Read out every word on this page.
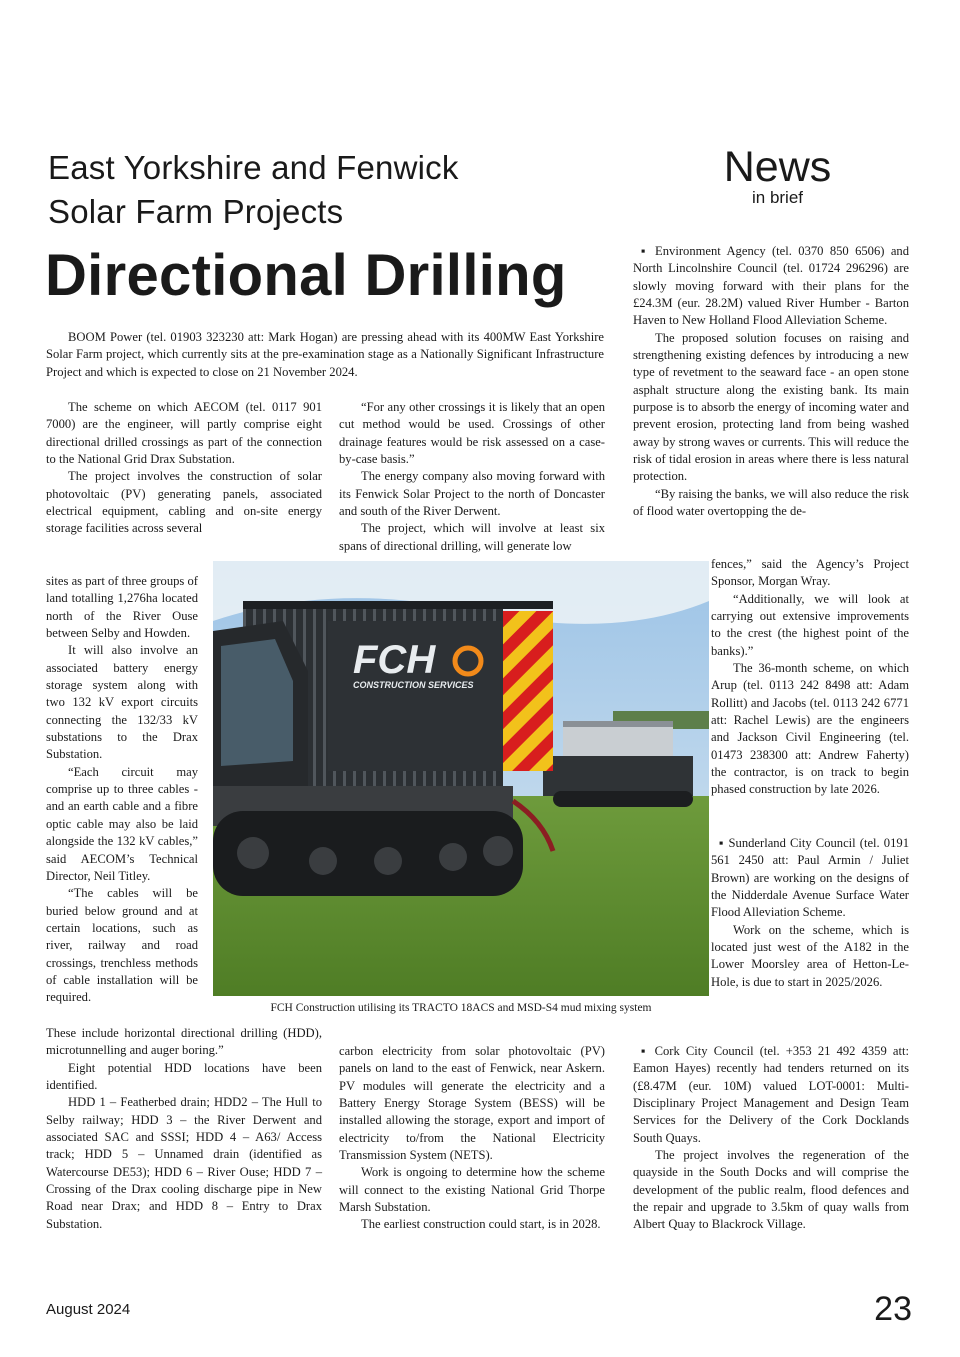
East Yorkshire and Fenwick
Solar Farm Projects
Directional Drilling
News
in brief

BOOM Power (tel. 01903 323230 att: Mark Hogan) are pressing ahead with its 400MW East Yorkshire Solar Farm project, which currently sits at the pre-examination stage as a Nationally Significant Infrastructure Project and which is expected to close on 21 November 2024.

The scheme on which AECOM (tel. 0117 901 7000) are the engineer, will partly comprise eight directional drilled crossings as part of the connection to the National Grid Drax Substation.

The project involves the construction of solar photovoltaic (PV) generating panels, associated electrical equipment, cabling and on-site energy storage facilities across several

sites as part of three groups of land totalling 1,276ha located north of the River Ouse between Selby and Howden.

It will also involve an associated battery energy storage system along with two 132 kV export circuits connecting the 132/33 kV substations to the Drax Substation.

“Each circuit may comprise up to three cables - and an earth cable and a fibre optic cable may also be laid alongside the 132 kV cables,” said AECOM’s Technical Director, Neil Titley.

“The cables will be buried below ground and at certain locations, such as river, railway and road crossings, trenchless methods of cable installation will be required.

These include horizontal directional drilling (HDD), microtunnelling and auger boring.”

Eight potential HDD locations have been identified.

HDD 1 – Featherbed drain; HDD2 – The Hull to Selby railway; HDD 3 – the River Derwent and associated SAC and SSSI; HDD 4 – A63/ Access track; HDD 5 – Unnamed drain (identified as Watercourse DE53); HDD 6 – River Ouse; HDD 7 – Crossing of the Drax cooling discharge pipe in New Road near Drax; and HDD 8 – Entry to Drax Substation.

“For any other crossings it is likely that an open cut method would be used. Crossings of other drainage features would be risk assessed on a case-by-case basis.”

The energy company also moving forward with its Fenwick Solar Project to the north of Doncaster and south of the River Derwent.

The project, which will involve at least six spans of directional drilling, will generate low

carbon electricity from solar photovoltaic (PV) panels on land to the east of Fenwick, near Askern. PV modules will generate the electricity and a Battery Energy Storage System (BESS) will be installed allowing the storage, export and import of electricity to/from the National Electricity Transmission System (NETS).

Work is ongoing to determine how the scheme will connect to the existing National Grid Thorpe Marsh Substation.

The earliest construction could start, is in 2028.

▪ Environment Agency (tel. 0370 850 6506) and North Lincolnshire Council (tel. 01724 296296) are slowly moving forward with their plans for the £24.3M (eur. 28.2M) valued River Humber - Barton Haven to New Holland Flood Alleviation Scheme.

The proposed solution focuses on raising and strengthening existing defences by introducing a new type of revetment to the seaward face - an open stone asphalt structure along the existing bank. Its main purpose is to absorb the energy of incoming water and prevent erosion, protecting land from being washed away by strong waves or currents. This will reduce the risk of tidal erosion in areas where there is less natural protection.

“By raising the banks, we will also reduce the risk of flood water overtopping the de-

fences,” said the Agency’s Project Sponsor, Morgan Wray.

“Additionally, we will look at carrying out extensive improvements to the crest (the highest point of the banks).”

The 36-month scheme, on which Arup (tel. 0113 242 8498 att: Adam Rollitt) and Jacobs (tel. 0113 242 6771 att: Rachel Lewis) are the engineers and Jackson Civil Engineering (tel. 01473 238300 att: Andrew Faherty) the contractor, is on track to begin phased construction by late 2026.

▪ Sunderland City Council (tel. 0191 561 2450 att: Paul Armin / Juliet Brown) are working on the designs of the Nidderdale Avenue Surface Water Flood Alleviation Scheme.

Work on the scheme, which is located just west of the A182 in the Lower Moorsley area of Hetton-Le-Hole, is due to start in 2025/2026.

▪ Cork City Council (tel. +353 21 492 4359 att: Eamon Hayes) recently had tenders returned on its (£8.47M (eur. 10M) valued LOT-0001: Multi-Disciplinary Project Management and Design Team Services for the Delivery of the Cork Docklands South Quays.

The project involves the regeneration of the quayside in the South Docks and will comprise the development of the public realm, flood defences and the repair and upgrade to 3.5km of quay walls from Albert Quay to Blackrock Village.

FCH
CONSTRUCTION SERVICES
FCH Construction utilising its TRACTO 18ACS and MSD-S4 mud mixing system
August 2024	23
